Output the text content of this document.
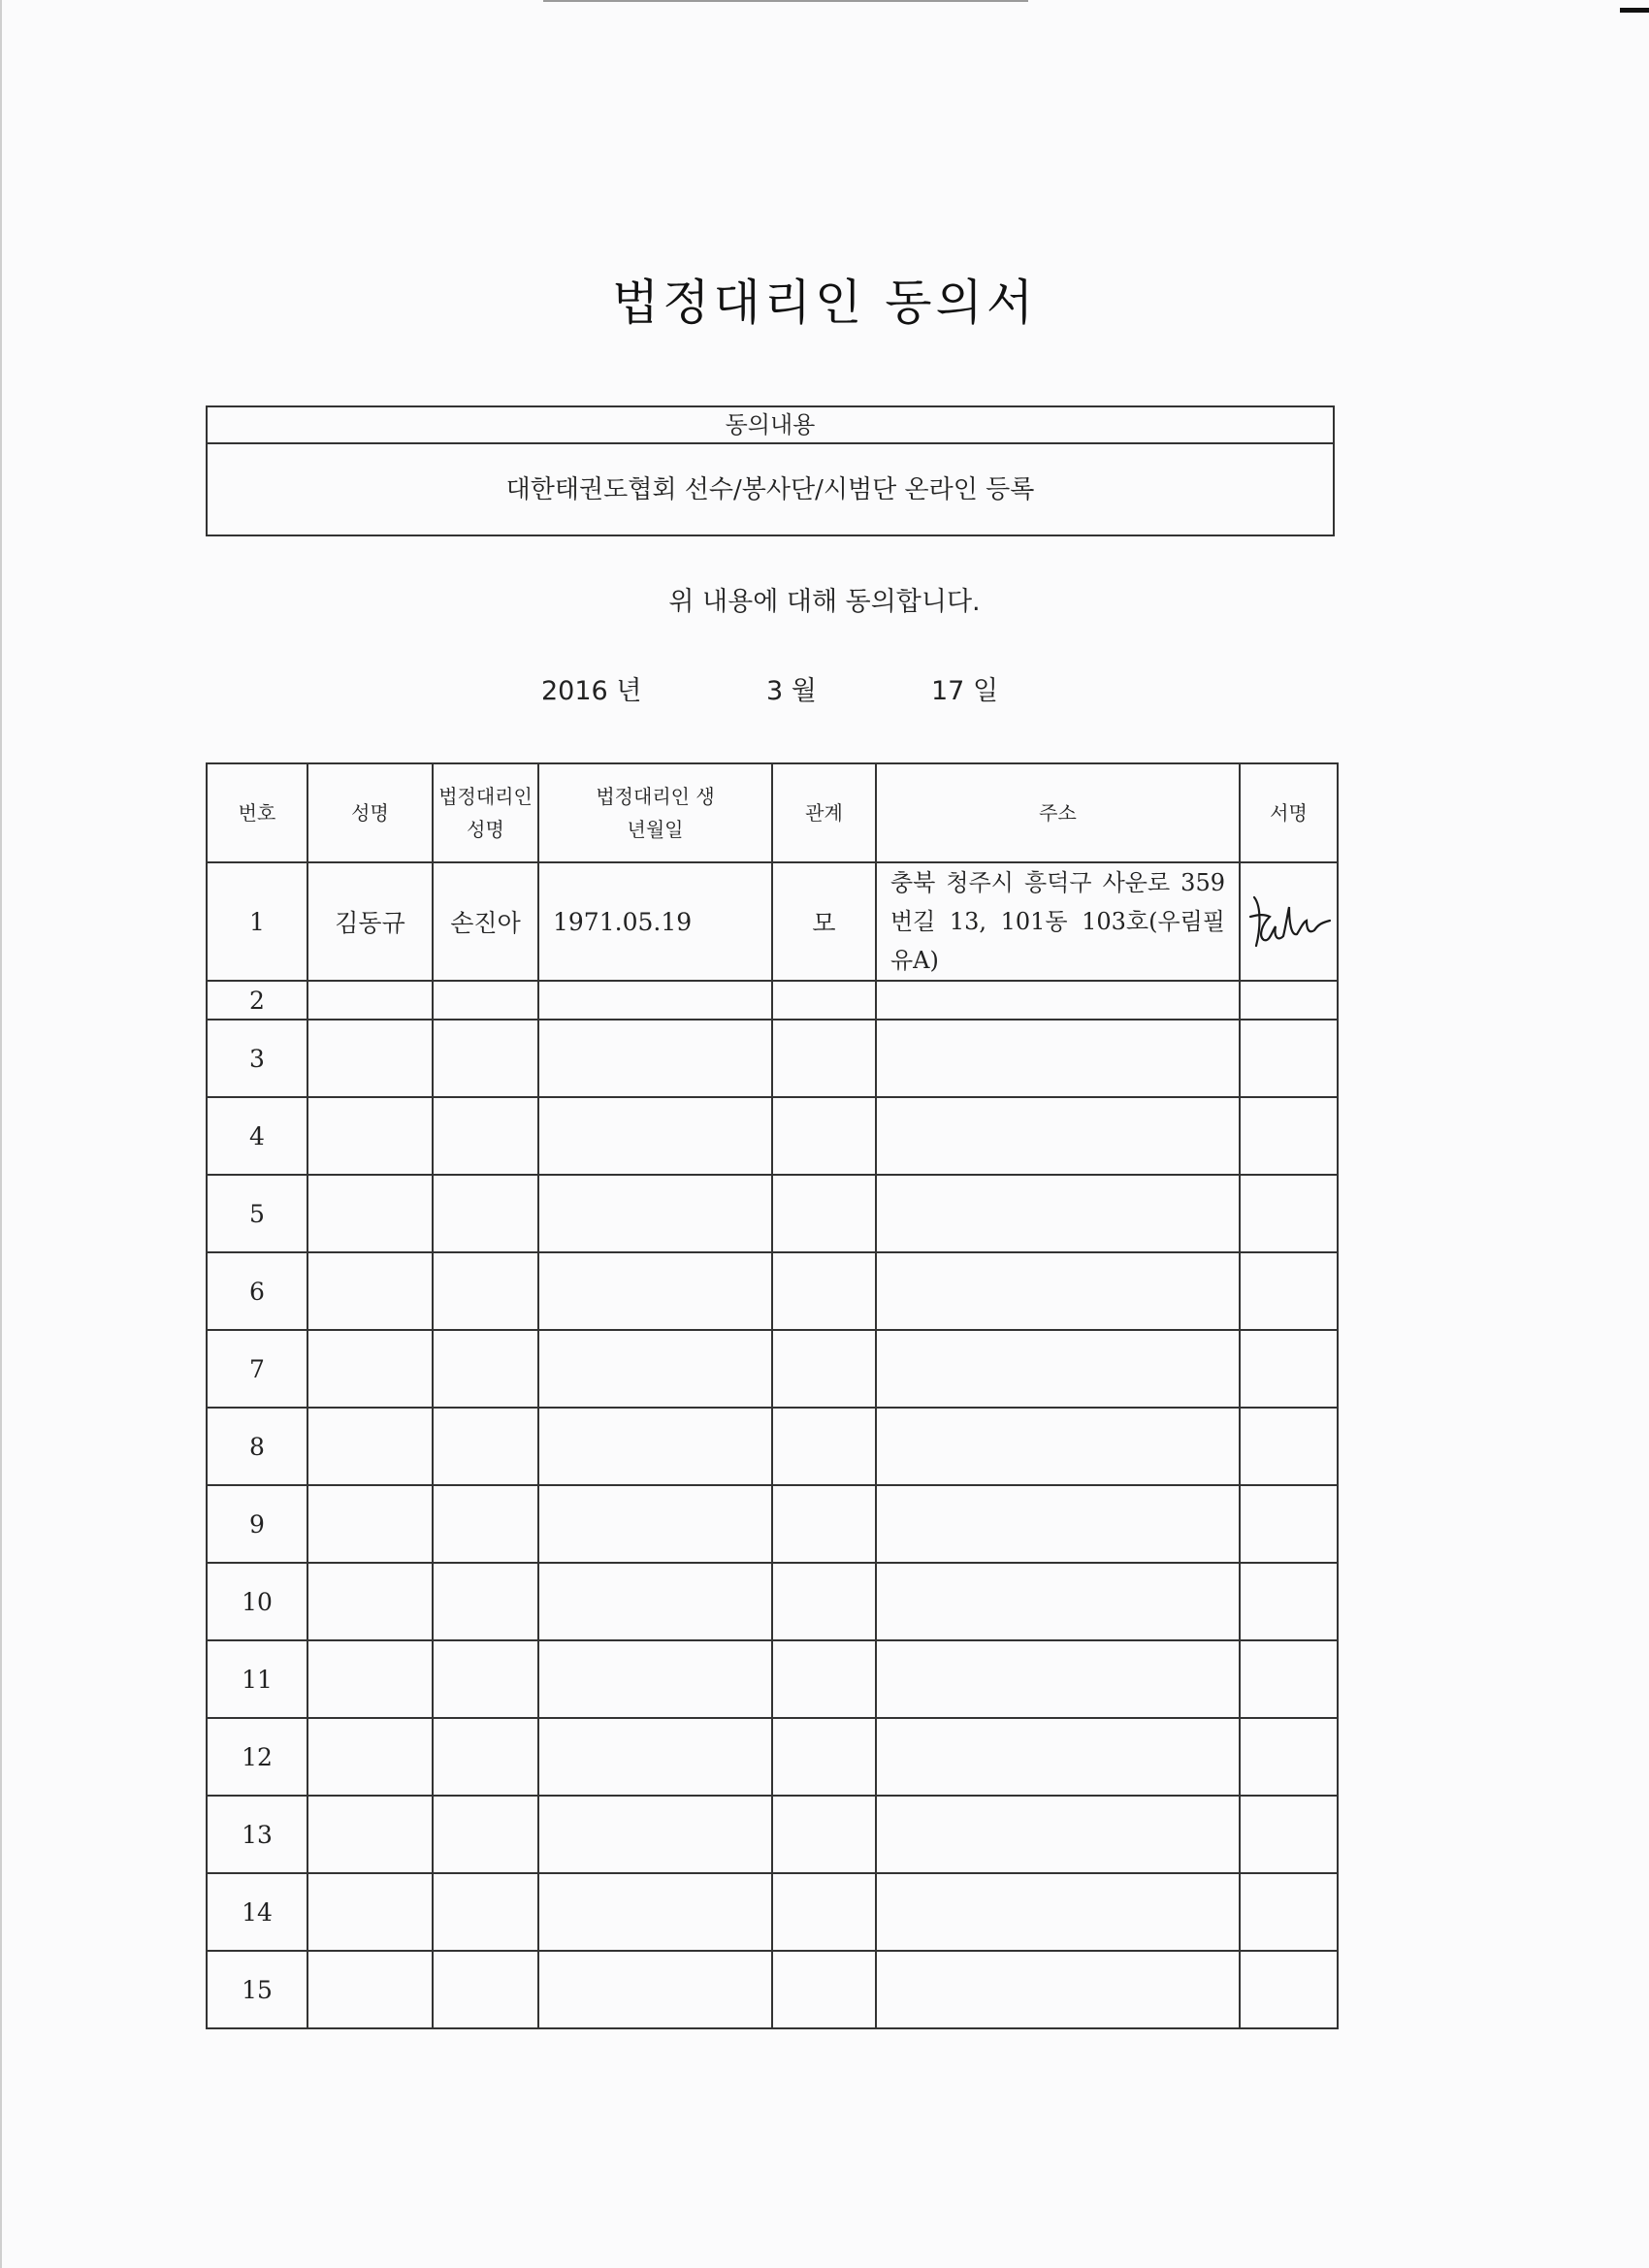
법정대리인 동의서
동의내용
대한태권도협회 선수/봉사단/시범단 온라인 등록
위 내용에 대해 동의합니다.
2016 년	3 월	17 일
번호	성명	법정대리인 성명	법정대리인 생년월일	관계	주소	서명
1	김동규	손진아	1971.05.19	모	충북 청주시 흥덕구 사운로 359번길 13, 101동 103호(우림필유A)	

2						
3						
4						
5						
6						
7						
8						
9						
10						
11						
12						
13						
14						
15						
